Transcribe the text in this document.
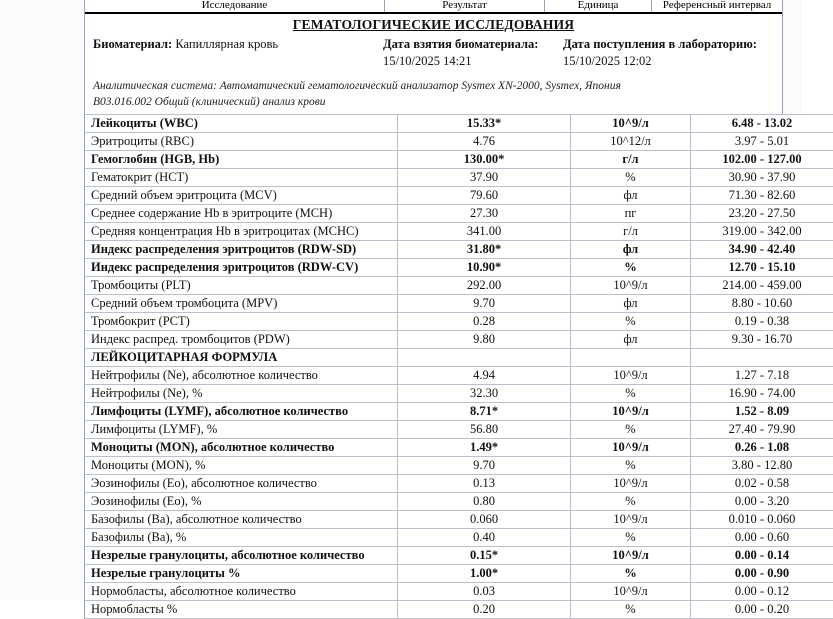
Исследование	Результат	Единица	Референсный интервал
ГЕМАТОЛОГИЧЕСКИЕ ИССЛЕДОВАНИЯ
Биоматериал: Капиллярная кровь	Дата взятия биоматериала:	Дата поступления в лабораторию:
15/10/2025 14:21	15/10/2025 12:02
Аналитическая система: Автоматический гематологический анализатор Sysmex XN-2000, Sysmex, Япония
B03.016.002 Общий (клинический) анализ крови
Лейкоциты (WBC)	15.33*	10^9/л	6.48 - 13.02
Эритроциты (RBC)	4.76	10^12/л	3.97 - 5.01
Гемоглобин (HGB, Hb)	130.00*	г/л	102.00 - 127.00
Гематокрит (HCT)	37.90	%	30.90 - 37.90
Средний объем эритроцита (MCV)	79.60	фл	71.30 - 82.60
Среднее содержание Hb в эритроците (MCH)	27.30	пг	23.20 - 27.50
Средняя концентрация Hb в эритроцитах (MCHC)	341.00	г/л	319.00 - 342.00
Индекс распределения эритроцитов (RDW-SD)	31.80*	фл	34.90 - 42.40
Индекс распределения эритроцитов (RDW-CV)	10.90*	%	12.70 - 15.10
Тромбоциты (PLT)	292.00	10^9/л	214.00 - 459.00
Средний объем тромбоцита (MPV)	9.70	фл	8.80 - 10.60
Тромбокрит (PCT)	0.28	%	0.19 - 0.38
Индекс распред. тромбоцитов (PDW)	9.80	фл	9.30 - 16.70
ЛЕЙКОЦИТАРНАЯ ФОРМУЛА			
Нейтрофилы (Ne), абсолютное количество	4.94	10^9/л	1.27 - 7.18
Нейтрофилы (Ne), %	32.30	%	16.90 - 74.00
Лимфоциты (LYMF), абсолютное количество	8.71*	10^9/л	1.52 - 8.09
Лимфоциты (LYMF), %	56.80	%	27.40 - 79.90
Моноциты (MON), абсолютное количество	1.49*	10^9/л	0.26 - 1.08
Моноциты (MON), %	9.70	%	3.80 - 12.80
Эозинофилы (Eo), абсолютное количество	0.13	10^9/л	0.02 - 0.58
Эозинофилы (Eo), %	0.80	%	0.00 - 3.20
Базофилы (Ba), абсолютное количество	0.060	10^9/л	0.010 - 0.060
Базофилы (Ba), %	0.40	%	0.00 - 0.60
Незрелые гранулоциты, абсолютное количество	0.15*	10^9/л	0.00 - 0.14
Незрелые гранулоциты %	1.00*	%	0.00 - 0.90
Нормобласты, абсолютное количество	0.03	10^9/л	0.00 - 0.12
Нормобласты %	0.20	%	0.00 - 0.20
